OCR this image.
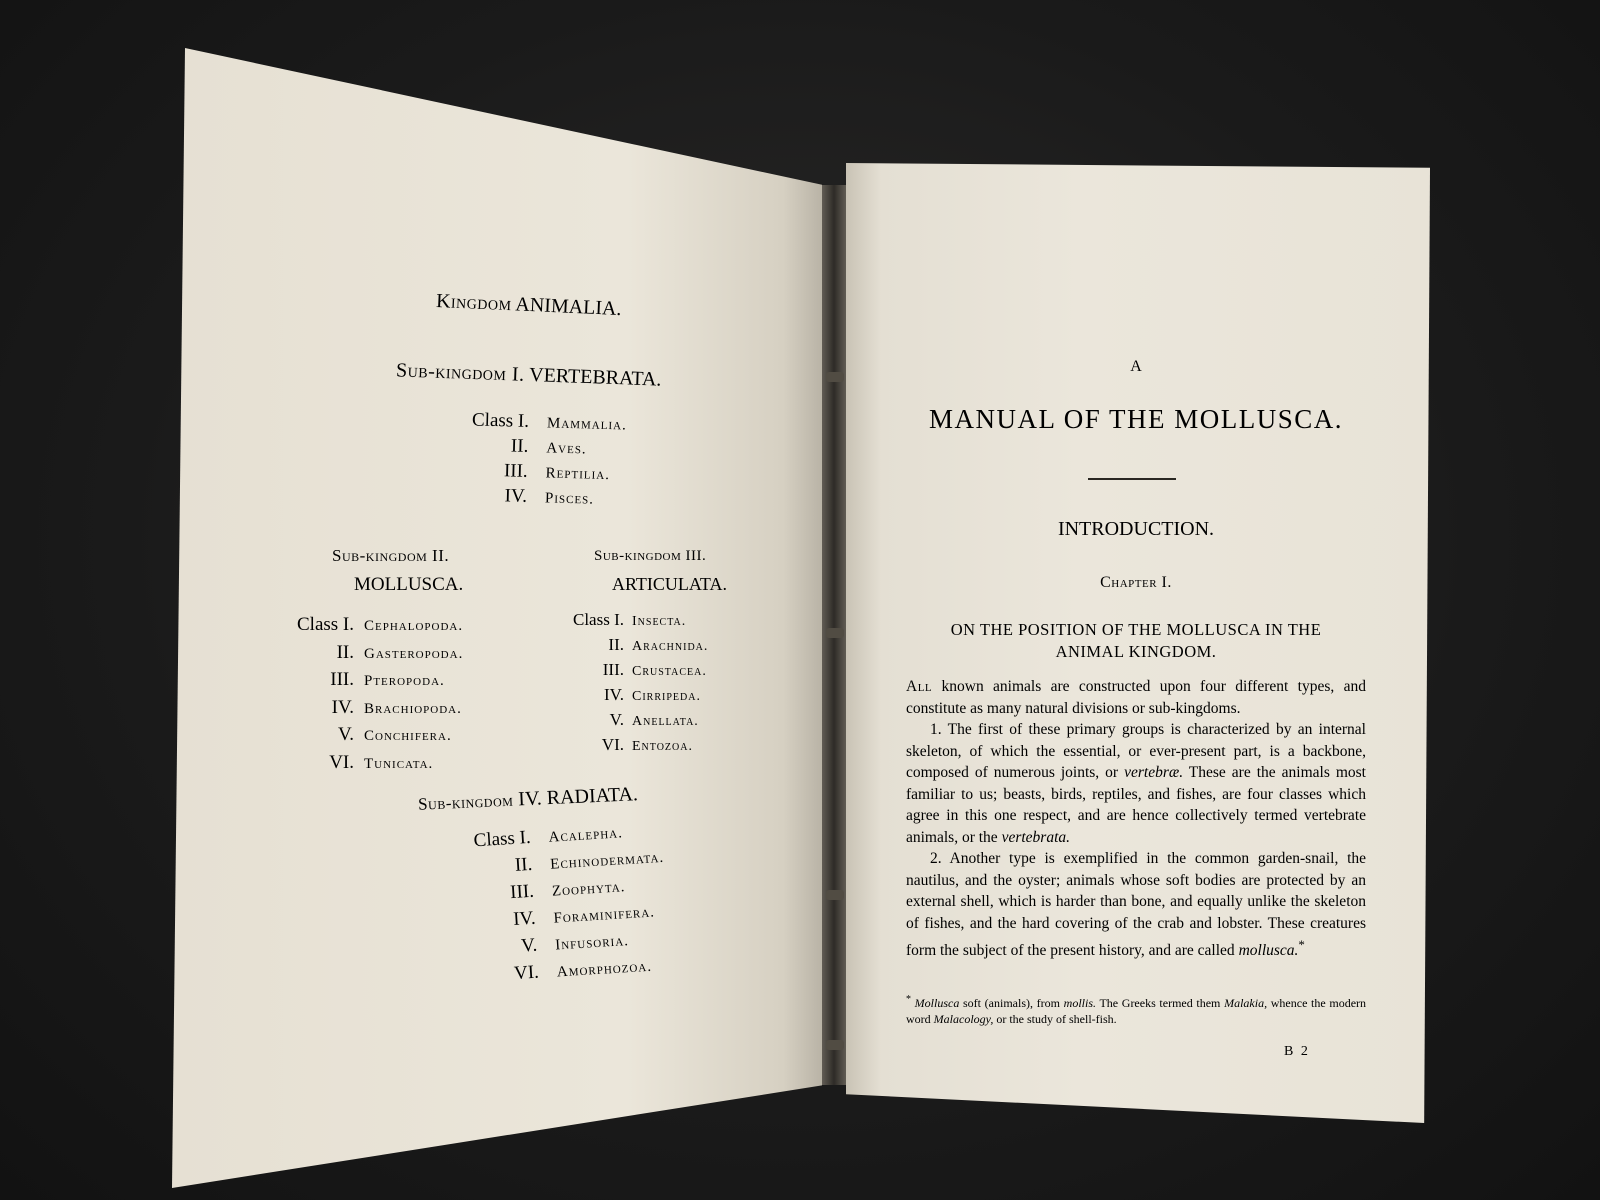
Kingdom ANIMALIA.
Sub-kingdom I. VERTEBRATA.
Class I. Mammalia.
II. Aves.
III. Reptilia.
IV. Pisces.
Sub-kingdom II.
MOLLUSCA.
Class I. Cephalopoda.
II. Gasteropoda.
III. Pteropoda.
IV. Brachiopoda.
V. Conchifera.
VI. Tunicata.
Sub-kingdom III.
ARTICULATA.
Class I. Insecta.
II. Arachnida.
III. Crustacea.
IV. Cirripeda.
V. Anellata.
VI. Entozoa.
Sub-kingdom IV. RADIATA.
Class I. Acalepha.
II. Echinodermata.
III. Zoophyta.
IV. Foraminifera.
V. Infusoria.
VI. Amorphozoa.
A
MANUAL OF THE MOLLUSCA.
INTRODUCTION.
Chapter I.
ON THE POSITION OF THE MOLLUSCA IN THE
ANIMAL KINGDOM.

All known animals are constructed upon four different types, and constitute as many natural divisions or sub-kingdoms.

1. The first of these primary groups is characterized by an internal skeleton, of which the essential, or ever-present part, is a backbone, composed of numerous joints, or vertebræ. These are the animals most familiar to us; beasts, birds, reptiles, and fishes, are four classes which agree in this one respect, and are hence collectively termed vertebrate animals, or the vertebrata.

2. Another type is exemplified in the common garden-snail, the nautilus, and the oyster; animals whose soft bodies are protected by an external shell, which is harder than bone, and equally unlike the skeleton of fishes, and the hard covering of the crab and lobster. These creatures form the subject of the present history, and are called mollusca.*

* Mollusca soft (animals), from mollis. The Greeks termed them Malakia, whence the modern word Malacology, or the study of shell-fish.
B 2
